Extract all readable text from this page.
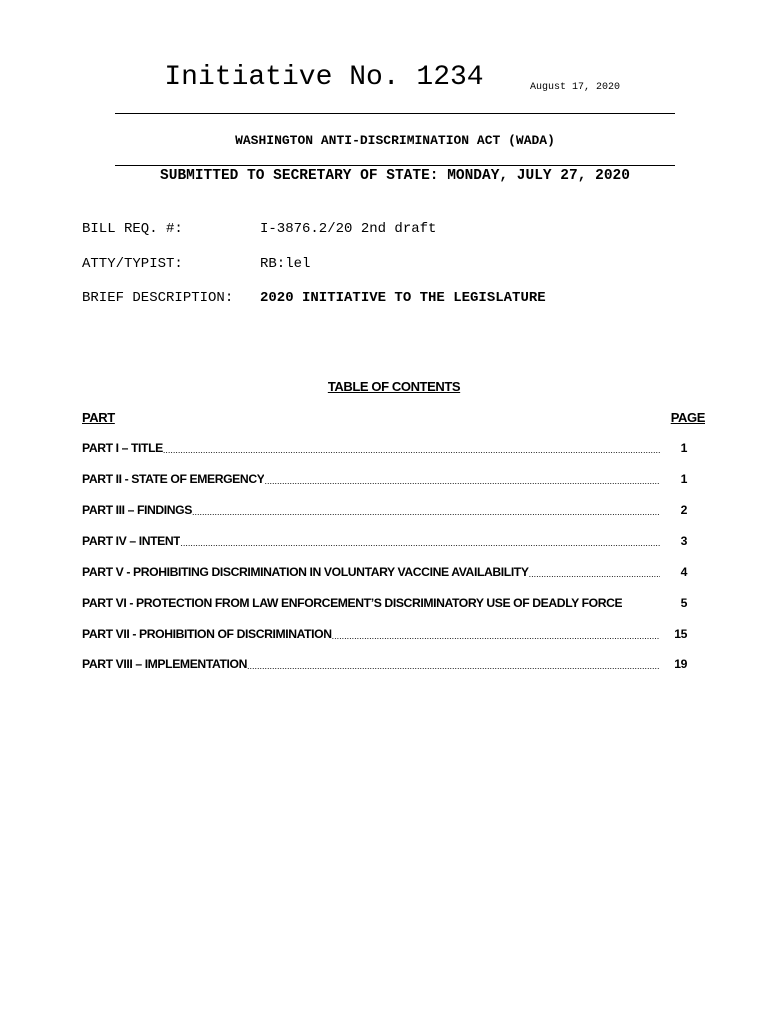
Initiative No. 1234	August 17, 2020
WASHINGTON ANTI-DISCRIMINATION ACT (WADA)
SUBMITTED TO SECRETARY OF STATE: MONDAY, JULY 27, 2020
BILL REQ. #:	I-3876.2/20 2nd draft
ATTY/TYPIST:	RB:lel
BRIEF DESCRIPTION: 2020 INITIATIVE TO THE LEGISLATURE
TABLE OF CONTENTS
PART	PAGE
PART I – TITLE .....	1
PART II - STATE OF EMERGENCY .....	1
PART III – FINDINGS .....	2
PART IV – INTENT .....	3
PART V - PROHIBITING DISCRIMINATION IN VOLUNTARY VACCINE AVAILABILITY .....	4
PART VI - PROTECTION FROM LAW ENFORCEMENT’S DISCRIMINATORY USE OF DEADLY FORCE	5
PART VII - PROHIBITION OF DISCRIMINATION .....	15
PART VIII – IMPLEMENTATION .....	19
